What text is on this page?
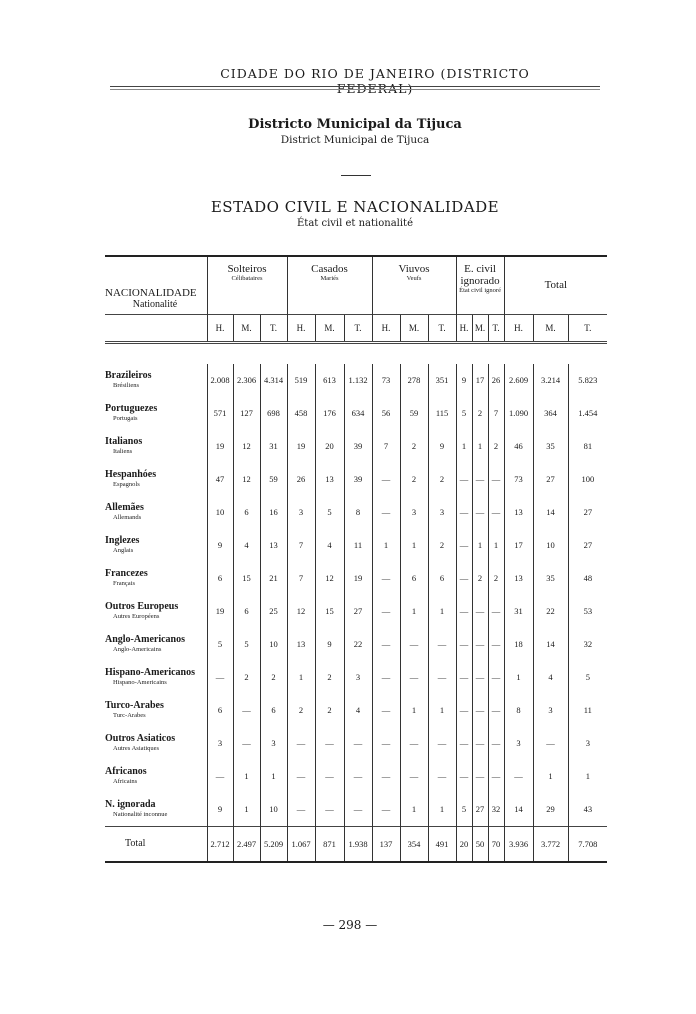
CIDADE DO RIO DE JANEIRO (DISTRICTO FEDERAL)
Districto Municipal da Tijuca
District Municipal de Tijuca
ESTADO CIVIL E NACIONALIDADE
État civil et nationalité
NACIONALIDADE
Nationalité	Solteiros
Célibataires			Casados
Mariés			Viuvos
Veufs			E. civil ignorado
État civil ignoré			Total		
	H.	M.	T.	H.	M.	T.	H.	M.	T.	H.	M.	T.	H.	M.	T.

Brazileiros
Brésiliens	2.008	2.306	4.314	519	613	1.132	73	278	351	9	17	26	2.609	3.214	5.823

Portuguezes
Portugais	571	127	698	458	176	634	56	59	115	5	2	7	1.090	364	1.454

Italianos
Italiens	19	12	31	19	20	39	7	2	9	1	1	2	46	35	81

Hespanhóes
Espagnols	47	12	59	26	13	39	—	2	2	—	—	—	73	27	100

Allemães
Allemands	10	6	16	3	5	8	—	3	3	—	—	—	13	14	27

Inglezes
Anglais	9	4	13	7	4	11	1	1	2	—	1	1	17	10	27

Francezes
Français	6	15	21	7	12	19	—	6	6	—	2	2	13	35	48

Outros Europeus
Autres Européens	19	6	25	12	15	27	—	1	1	—	—	—	31	22	53

Anglo-Americanos
Anglo-Americains	5	5	10	13	9	22	—	—	—	—	—	—	18	14	32

Hispano-Americanos
Hispano-Americains	—	2	2	1	2	3	—	—	—	—	—	—	1	4	5

Turco-Arabes
Turc-Arabes	6	—	6	2	2	4	—	1	1	—	—	—	8	3	11

Outros Asiaticos
Autres Asiatiques	3	—	3	—	—	—	—	—	—	—	—	—	3	—	3

Africanos
Africains	—	1	1	—	—	—	—	—	—	—	—	—	—	1	1

N. ignorada
Nationalité inconnue	9	1	10	—	—	—	—	1	1	5	27	32	14	29	43
Total	2.712	2.497	5.209	1.067	871	1.938	137	354	491	20	50	70	3.936	3.772	7.708
— 298 —
